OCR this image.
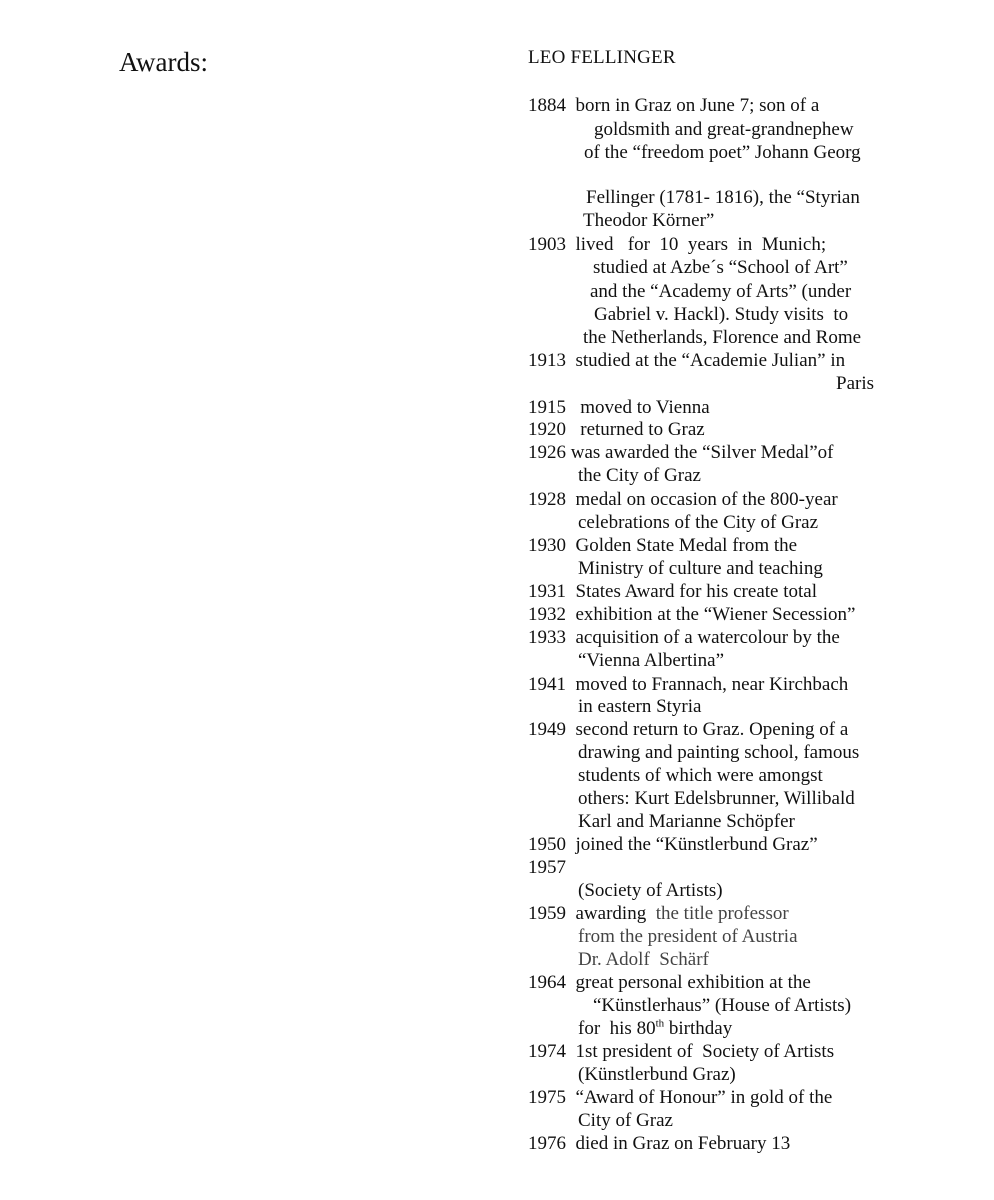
Awards:	LEO FELLINGER
1884  born in Graz on June 7; son of a
goldsmith and great-grandnephew
of the “freedom poet” Johann Georg
Fellinger (1781- 1816), the “Styrian
Theodor Körner”
1903  lived   for  10  years  in  Munich;
studied at Azbe´s “School of Art”
and the “Academy of Arts” (under
Gabriel v. Hackl). Study visits  to
the Netherlands, Florence and Rome
1913  studied at the “Academie Julian” in
Paris
1915   moved to Vienna
1920   returned to Graz
1926 was awarded the “Silver Medal”of
the City of Graz
1928  medal on occasion of the 800-year
celebrations of the City of Graz
1930  Golden State Medal from the
Ministry of culture and teaching
1931  States Award for his create total
1932  exhibition at the “Wiener Secession”
1933  acquisition of a watercolour by the
“Vienna Albertina”
1941  moved to Frannach, near Kirchbach
in eastern Styria
1949  second return to Graz. Opening of a
drawing and painting school, famous
students of which were amongst
others: Kurt Edelsbrunner, Willibald
Karl and Marianne Schöpfer
1950  joined the “Künstlerbund Graz”
1957
(Society of Artists)
1959  awarding  the title professor
from the president of Austria
Dr. Adolf  Schärf
1964  great personal exhibition at the
“Künstlerhaus” (House of Artists)
for  his 80th birthday
1974  1st president of  Society of Artists
(Künstlerbund Graz)
1975  “Award of Honour” in gold of the
City of Graz
1976  died in Graz on February 13
